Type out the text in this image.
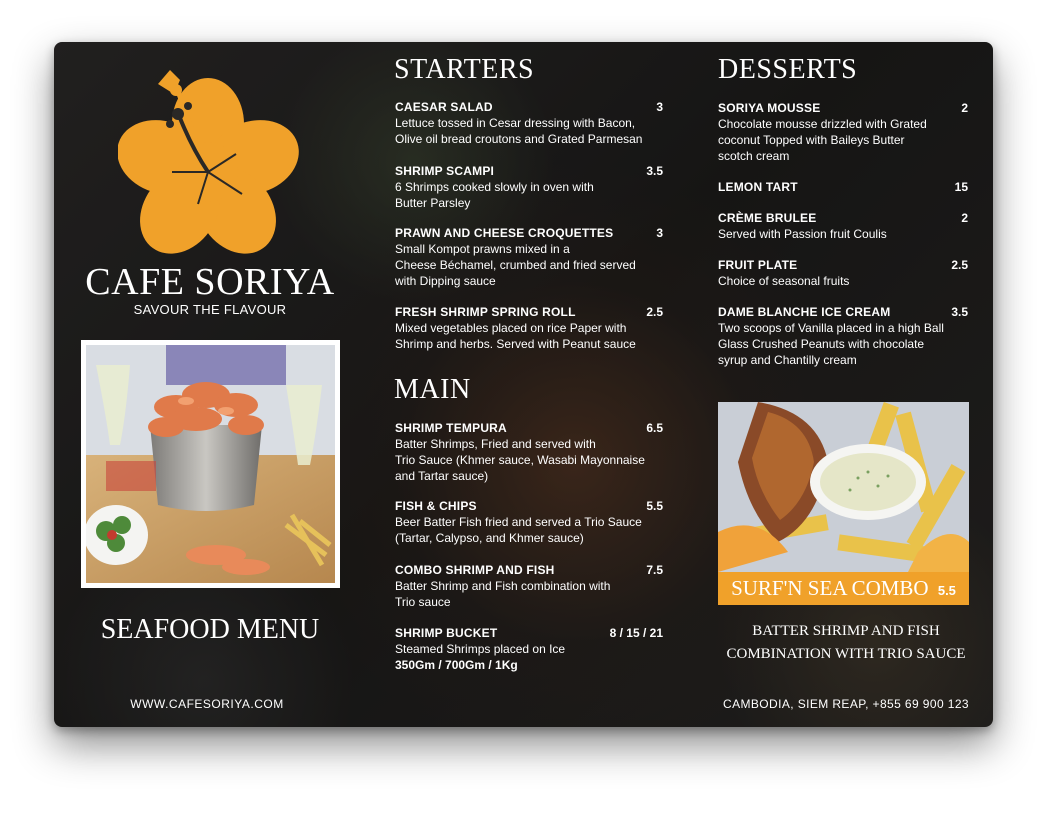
CAFE SORIYA
SAVOUR THE FLAVOUR
SEAFOOD MENU
WWW.CAFESORIYA.COM
STARTERS
CAESAR SALAD	3
Lettuce tossed in Cesar dressing with Bacon,
Olive oil bread croutons and Grated Parmesan
SHRIMP SCAMPI	3.5
6 Shrimps cooked slowly in oven with
Butter Parsley
PRAWN AND CHEESE CROQUETTES	3
Small Kompot prawns mixed in a
Cheese Béchamel, crumbed and fried served
with Dipping sauce
FRESH SHRIMP SPRING ROLL	2.5
Mixed vegetables placed on rice Paper with
Shrimp and herbs. Served with Peanut sauce
MAIN
SHRIMP TEMPURA	6.5
Batter Shrimps, Fried and served with
Trio Sauce (Khmer sauce, Wasabi Mayonnaise
and Tartar sauce)
FISH & CHIPS	5.5
Beer Batter Fish fried and served a Trio Sauce
(Tartar, Calypso, and Khmer sauce)
COMBO SHRIMP AND FISH	7.5
Batter Shrimp and Fish combination with
Trio sauce
SHRIMP BUCKET	8 / 15 / 21
Steamed Shrimps placed on Ice
350Gm / 700Gm / 1Kg
DESSERTS
SORIYA MOUSSE	2
Chocolate mousse drizzled with Grated
coconut Topped with Baileys Butter
scotch cream
LEMON TART	15
CRÈME BRULEE	2
Served with Passion fruit Coulis
FRUIT PLATE	2.5
Choice of seasonal fruits
DAME BLANCHE ICE CREAM	3.5
Two scoops of Vanilla placed in a high Ball
Glass Crushed Peanuts with chocolate
syrup and Chantilly cream
SURF'N SEA COMBO 5.5
BATTER SHRIMP AND FISH
COMBINATION WITH TRIO SAUCE
CAMBODIA, SIEM REAP, +855 69 900 123
